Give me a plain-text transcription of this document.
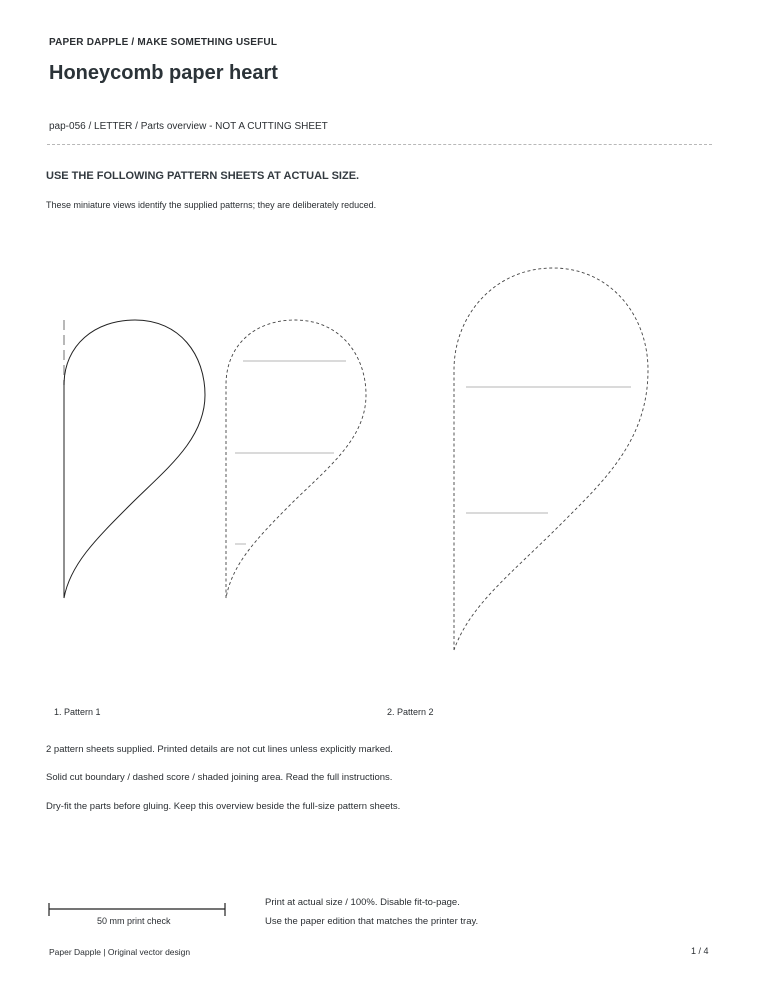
PAPER DAPPLE / MAKE SOMETHING USEFUL
Honeycomb paper heart
pap-056 / LETTER / Parts overview - NOT A CUTTING SHEET
USE THE FOLLOWING PATTERN SHEETS AT ACTUAL SIZE.
These miniature views identify the supplied patterns; they are deliberately reduced.
1. Pattern 1	2. Pattern 2
2 pattern sheets supplied. Printed details are not cut lines unless explicitly marked.
Solid cut boundary / dashed score / shaded joining area. Read the full instructions.
Dry-fit the parts before gluing. Keep this overview beside the full-size pattern sheets.
50 mm print check
Print at actual size / 100%. Disable fit-to-page.
Use the paper edition that matches the printer tray.
Paper Dapple | Original vector design	1 / 4
